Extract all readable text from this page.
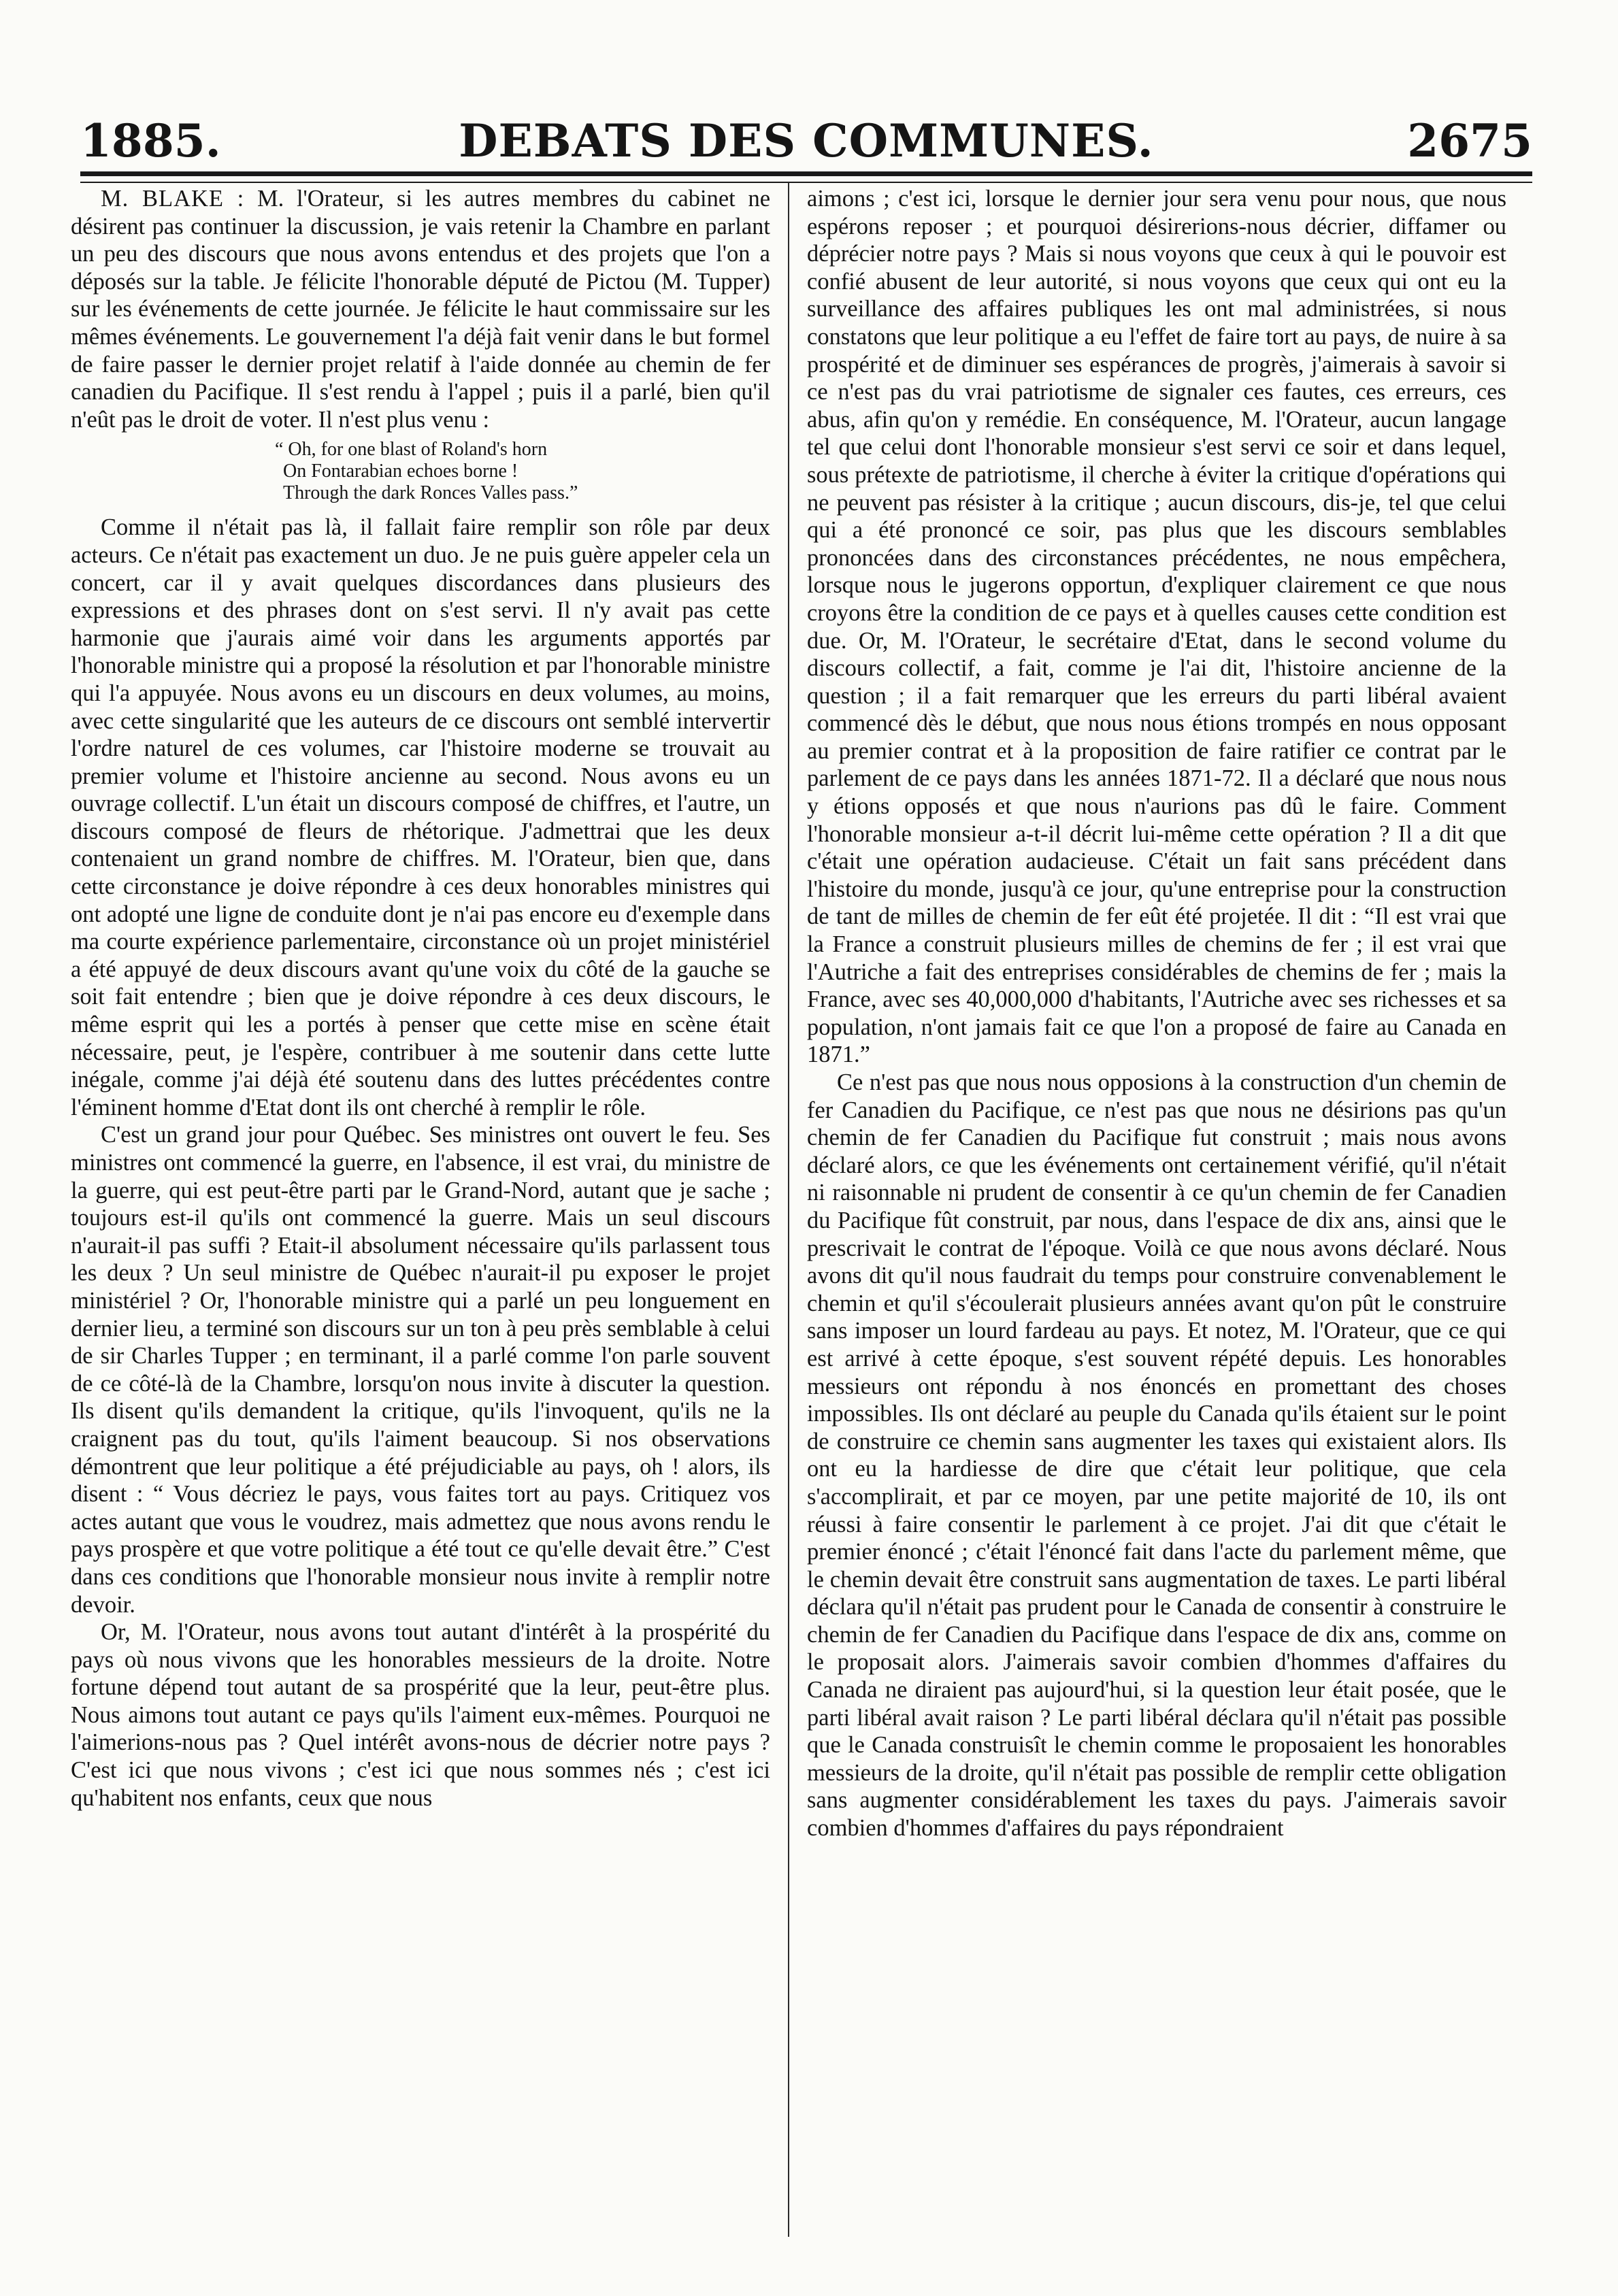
1885.	DEBATS DES COMMUNES.	2675

M. BLAKE : M. l'Orateur, si les autres membres du cabinet ne désirent pas continuer la discussion, je vais retenir la Chambre en parlant un peu des discours que nous avons entendus et des projets que l'on a déposés sur la table. Je félicite l'honorable député de Pictou (M. Tupper) sur les événements de cette journée. Je félicite le haut commissaire sur les mêmes événements. Le gouvernement l'a déjà fait venir dans le but formel de faire passer le dernier projet relatif à l'aide donnée au chemin de fer canadien du Pacifique. Il s'est rendu à l'appel ; puis il a parlé, bien qu'il n'eût pas le droit de voter. Il n'est plus venu :

“ Oh, for one blast of Roland's horn
On Fontarabian echoes borne !
Through the dark Ronces Valles pass.”

Comme il n'était pas là, il fallait faire remplir son rôle par deux acteurs. Ce n'était pas exactement un duo. Je ne puis guère appeler cela un concert, car il y avait quelques discordances dans plusieurs des expressions et des phrases dont on s'est servi. Il n'y avait pas cette harmonie que j'aurais aimé voir dans les arguments apportés par l'honorable ministre qui a proposé la résolution et par l'honorable ministre qui l'a appuyée. Nous avons eu un discours en deux volumes, au moins, avec cette singularité que les auteurs de ce discours ont semblé intervertir l'ordre naturel de ces volumes, car l'histoire moderne se trouvait au premier volume et l'histoire ancienne au second. Nous avons eu un ouvrage collectif. L'un était un discours composé de chiffres, et l'autre, un discours composé de fleurs de rhétorique. J'admettrai que les deux contenaient un grand nombre de chiffres. M. l'Orateur, bien que, dans cette circonstance je doive répondre à ces deux honorables ministres qui ont adopté une ligne de conduite dont je n'ai pas encore eu d'exemple dans ma courte expérience parlementaire, circonstance où un projet ministériel a été appuyé de deux discours avant qu'une voix du côté de la gauche se soit fait entendre ; bien que je doive répondre à ces deux discours, le même esprit qui les a portés à penser que cette mise en scène était nécessaire, peut, je l'espère, contribuer à me soutenir dans cette lutte inégale, comme j'ai déjà été soutenu dans des luttes précédentes contre l'éminent homme d'Etat dont ils ont cherché à remplir le rôle.

C'est un grand jour pour Québec. Ses ministres ont ouvert le feu. Ses ministres ont commencé la guerre, en l'absence, il est vrai, du ministre de la guerre, qui est peut-être parti par le Grand-Nord, autant que je sache ; toujours est-il qu'ils ont commencé la guerre. Mais un seul discours n'aurait-il pas suffi ? Etait-il absolument nécessaire qu'ils parlassent tous les deux ? Un seul ministre de Québec n'aurait-il pu exposer le projet ministériel ? Or, l'honorable ministre qui a parlé un peu longuement en dernier lieu, a terminé son discours sur un ton à peu près semblable à celui de sir Charles Tupper ; en terminant, il a parlé comme l'on parle souvent de ce côté-là de la Chambre, lorsqu'on nous invite à discuter la question. Ils disent qu'ils demandent la critique, qu'ils l'invoquent, qu'ils ne la craignent pas du tout, qu'ils l'aiment beaucoup. Si nos observations démontrent que leur politique a été préjudiciable au pays, oh ! alors, ils disent : “ Vous décriez le pays, vous faites tort au pays. Critiquez vos actes autant que vous le voudrez, mais admettez que nous avons rendu le pays prospère et que votre politique a été tout ce qu'elle devait être.” C'est dans ces conditions que l'honorable monsieur nous invite à remplir notre devoir.

Or, M. l'Orateur, nous avons tout autant d'intérêt à la prospérité du pays où nous vivons que les honorables messieurs de la droite. Notre fortune dépend tout autant de sa prospérité que la leur, peut-être plus. Nous aimons tout autant ce pays qu'ils l'aiment eux-mêmes. Pourquoi ne l'aimerions-nous pas ? Quel intérêt avons-nous de décrier notre pays ? C'est ici que nous vivons ; c'est ici que nous sommes nés ; c'est ici qu'habitent nos enfants, ceux que nous

aimons ; c'est ici, lorsque le dernier jour sera venu pour nous, que nous espérons reposer ; et pourquoi désirerions-nous décrier, diffamer ou déprécier notre pays ? Mais si nous voyons que ceux à qui le pouvoir est confié abusent de leur autorité, si nous voyons que ceux qui ont eu la surveillance des affaires publiques les ont mal administrées, si nous constatons que leur politique a eu l'effet de faire tort au pays, de nuire à sa prospérité et de diminuer ses espérances de progrès, j'aimerais à savoir si ce n'est pas du vrai patriotisme de signaler ces fautes, ces erreurs, ces abus, afin qu'on y remédie. En conséquence, M. l'Orateur, aucun langage tel que celui dont l'honorable monsieur s'est servi ce soir et dans lequel, sous prétexte de patriotisme, il cherche à éviter la critique d'opérations qui ne peuvent pas résister à la critique ; aucun discours, dis-je, tel que celui qui a été prononcé ce soir, pas plus que les discours semblables prononcées dans des circonstances précédentes, ne nous empêchera, lorsque nous le jugerons opportun, d'expliquer clairement ce que nous croyons être la condition de ce pays et à quelles causes cette condition est due. Or, M. l'Orateur, le secrétaire d'Etat, dans le second volume du discours collectif, a fait, comme je l'ai dit, l'histoire ancienne de la question ; il a fait remarquer que les erreurs du parti libéral avaient commencé dès le début, que nous nous étions trompés en nous opposant au premier contrat et à la proposition de faire ratifier ce contrat par le parlement de ce pays dans les années 1871-72. Il a déclaré que nous nous y étions opposés et que nous n'aurions pas dû le faire. Comment l'honorable monsieur a-t-il décrit lui-même cette opération ? Il a dit que c'était une opération audacieuse. C'était un fait sans précédent dans l'histoire du monde, jusqu'à ce jour, qu'une entreprise pour la construction de tant de milles de chemin de fer eût été projetée. Il dit : “Il est vrai que la France a construit plusieurs milles de chemins de fer ; il est vrai que l'Autriche a fait des entreprises considérables de chemins de fer ; mais la France, avec ses 40,000,000 d'habitants, l'Autriche avec ses richesses et sa population, n'ont jamais fait ce que l'on a proposé de faire au Canada en 1871.”

Ce n'est pas que nous nous opposions à la construction d'un chemin de fer Canadien du Pacifique, ce n'est pas que nous ne désirions pas qu'un chemin de fer Canadien du Pacifique fut construit ; mais nous avons déclaré alors, ce que les événements ont certainement vérifié, qu'il n'était ni raisonnable ni prudent de consentir à ce qu'un chemin de fer Canadien du Pacifique fût construit, par nous, dans l'espace de dix ans, ainsi que le prescrivait le contrat de l'époque. Voilà ce que nous avons déclaré. Nous avons dit qu'il nous faudrait du temps pour construire convenablement le chemin et qu'il s'écoulerait plusieurs années avant qu'on pût le construire sans imposer un lourd fardeau au pays. Et notez, M. l'Orateur, que ce qui est arrivé à cette époque, s'est souvent répété depuis. Les honorables messieurs ont répondu à nos énoncés en promettant des choses impossibles. Ils ont déclaré au peuple du Canada qu'ils étaient sur le point de construire ce chemin sans augmenter les taxes qui existaient alors. Ils ont eu la hardiesse de dire que c'était leur politique, que cela s'accomplirait, et par ce moyen, par une petite majorité de 10, ils ont réussi à faire consentir le parlement à ce projet. J'ai dit que c'était le premier énoncé ; c'était l'énoncé fait dans l'acte du parlement même, que le chemin devait être construit sans augmentation de taxes. Le parti libéral déclara qu'il n'était pas prudent pour le Canada de consentir à construire le chemin de fer Canadien du Pacifique dans l'espace de dix ans, comme on le proposait alors. J'aimerais savoir combien d'hommes d'affaires du Canada ne diraient pas aujourd'hui, si la question leur était posée, que le parti libéral avait raison ? Le parti libéral déclara qu'il n'était pas possible que le Canada construisît le chemin comme le proposaient les honorables messieurs de la droite, qu'il n'était pas possible de remplir cette obligation sans augmenter considérablement les taxes du pays. J'aimerais savoir combien d'hommes d'affaires du pays répondraient
